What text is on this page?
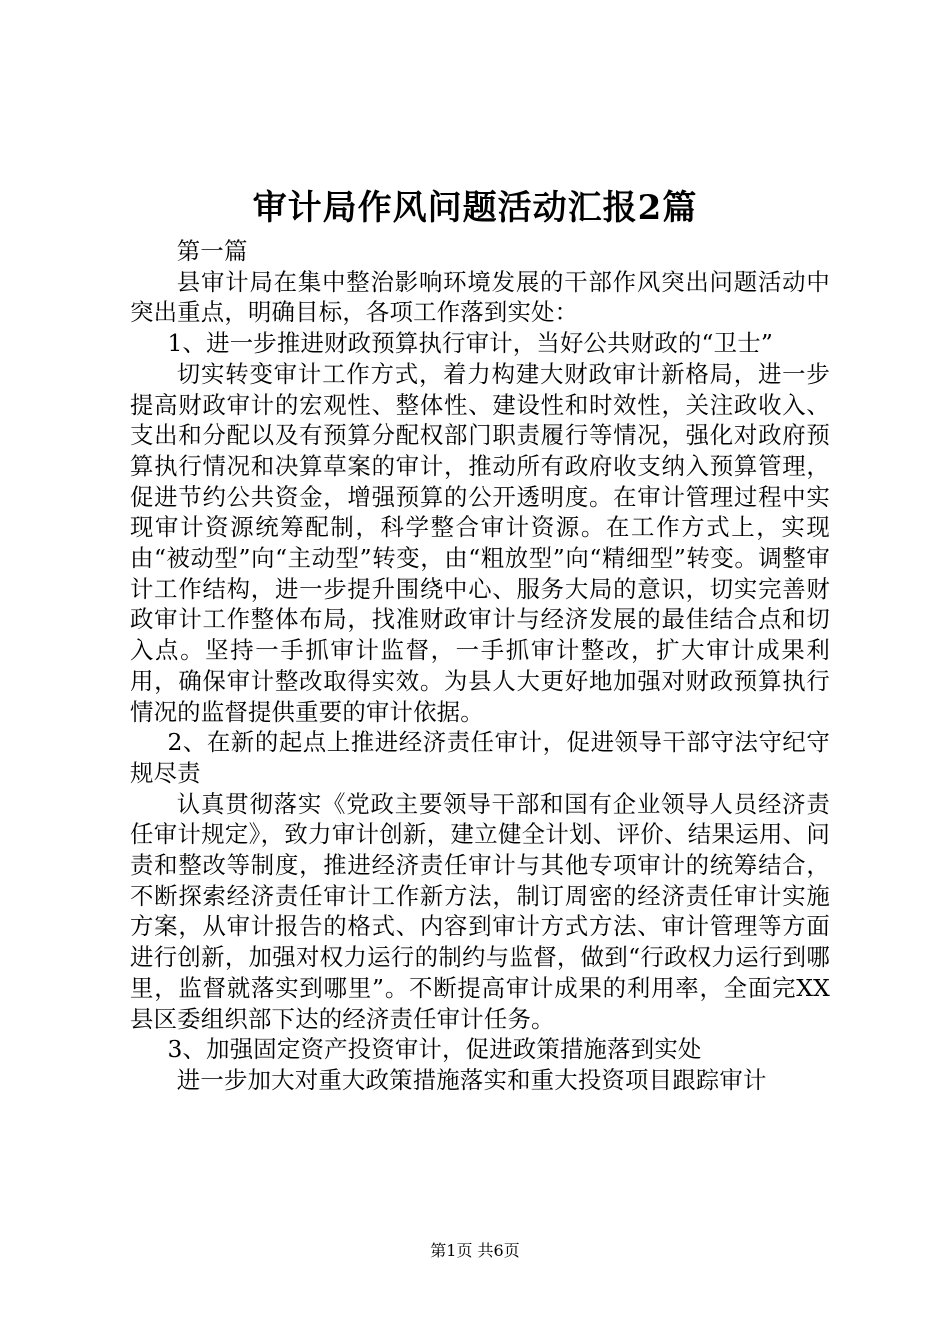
审计局作风问题活动汇报2篇

第一篇

县审计局在集中整治影响环境发展的干部作风突出问题活动中突出重点，明确目标，各项工作落到实处：

1、进一步推进财政预算执行审计，当好公共财政的“卫士”

切实转变审计工作方式，着力构建大财政审计新格局，进一步提高财政审计的宏观性、整体性、建设性和时效性，关注政收入、支出和分配以及有预算分配权部门职责履行等情况，强化对政府预算执行情况和决算草案的审计，推动所有政府收支纳入预算管理，促进节约公共资金，增强预算的公开透明度。在审计管理过程中实现审计资源统筹配制，科学整合审计资源。在工作方式上，实现由“被动型”向“主动型”转变，由“粗放型”向“精细型”转变。调整审计工作结构，进一步提升围绕中心、服务大局的意识，切实完善财政审计工作整体布局，找准财政审计与经济发展的最佳结合点和切入点。坚持一手抓审计监督，一手抓审计整改，扩大审计成果利用，确保审计整改取得实效。为县人大更好地加强对财政预算执行情况的监督提供重要的审计依据。

2、在新的起点上推进经济责任审计，促进领导干部守法守纪守规尽责

认真贯彻落实《党政主要领导干部和国有企业领导人员经济责任审计规定》，致力审计创新，建立健全计划、评价、结果运用、问责和整改等制度，推进经济责任审计与其他专项审计的统筹结合，不断探索经济责任审计工作新方法，制订周密的经济责任审计实施方案，从审计报告的格式、内容到审计方式方法、审计管理等方面进行创新，加强对权力运行的制约与监督，做到“行政权力运行到哪里，监督就落实到哪里”。不断提高审计成果的利用率，全面完XX县区委组织部下达的经济责任审计任务。

3、加强固定资产投资审计，促进政策措施落到实处

进一步加大对重大政策措施落实和重大投资项目跟踪审计

第1页 共6页
